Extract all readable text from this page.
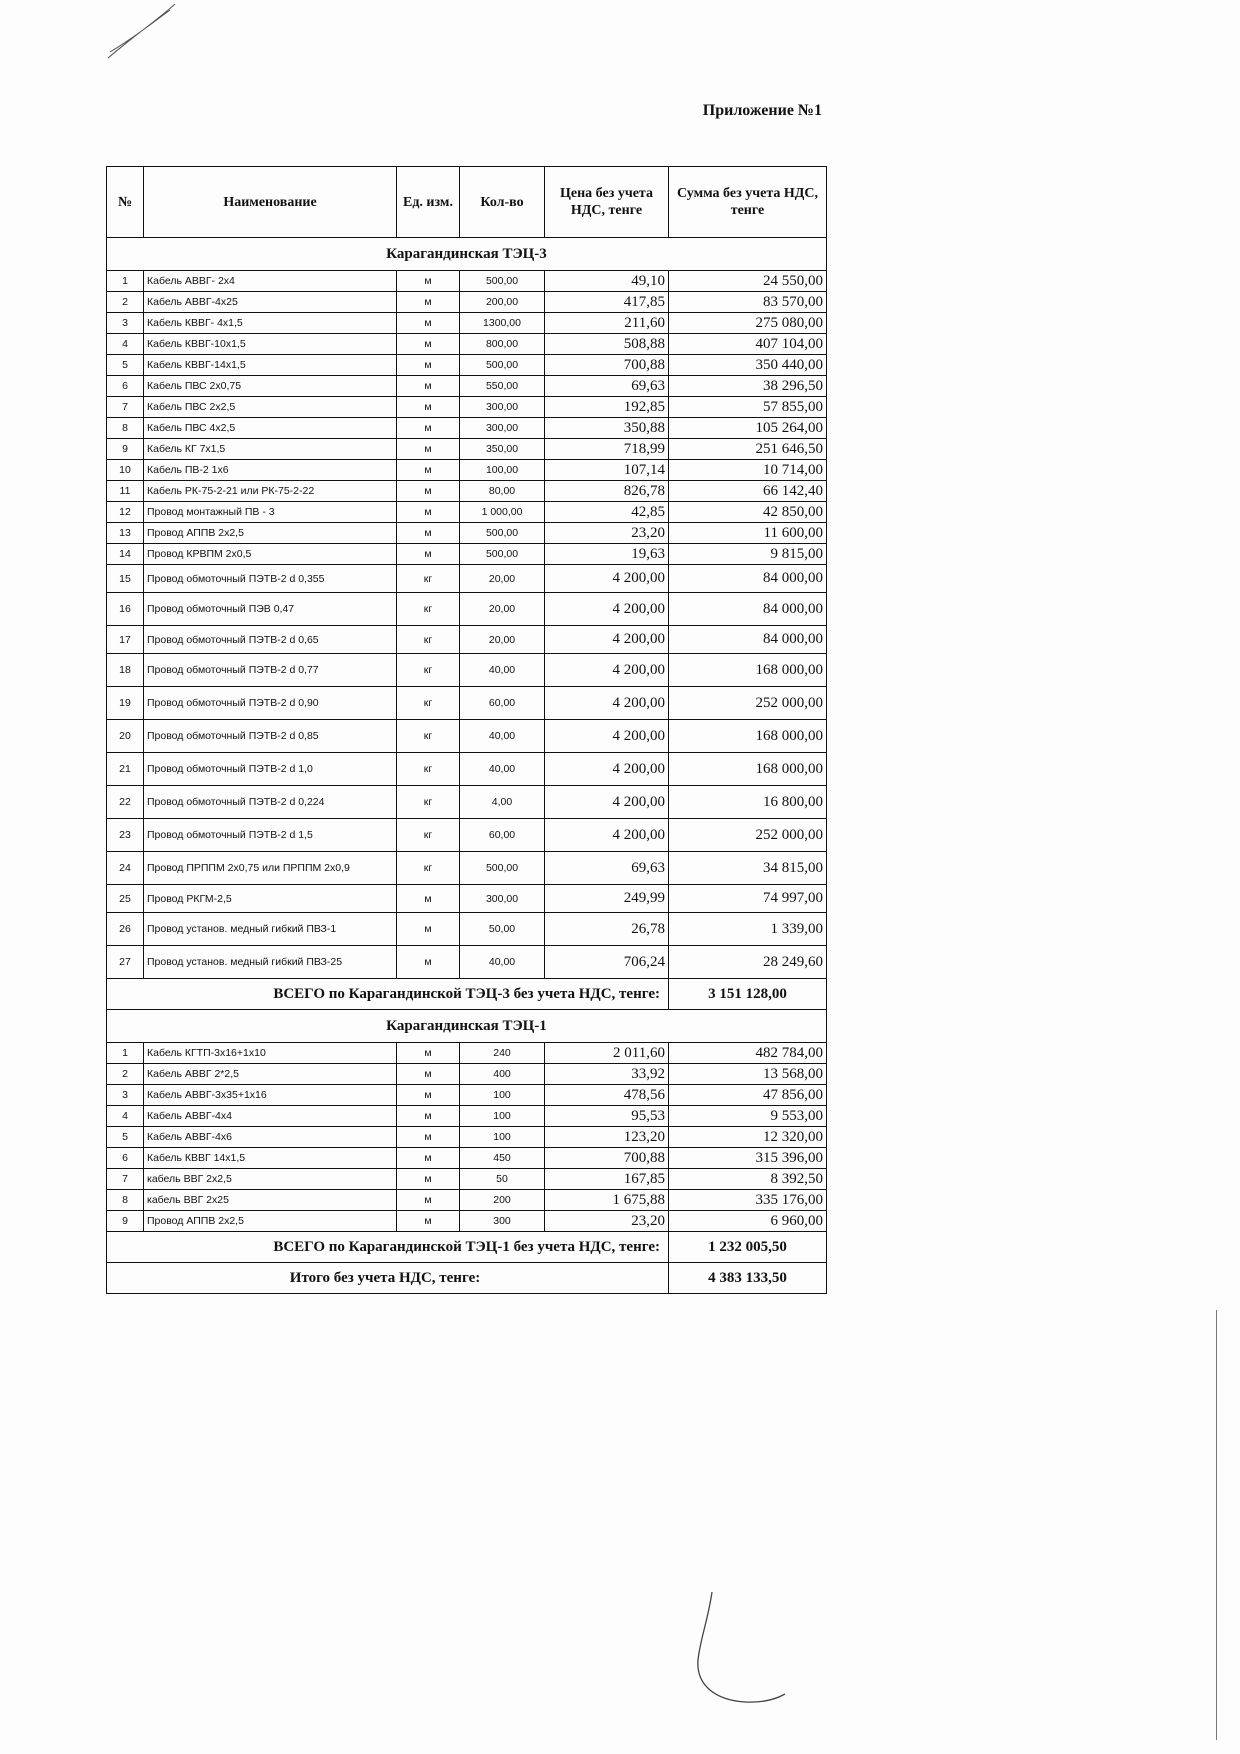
Приложение №1
№	Наименование	Ед. изм.	Кол-во	Цена без учета НДС, тенге	Сумма без учета НДС, тенге
Карагандинская ТЭЦ-3					
1	Кабель АВВГ- 2х4	м	500,00	49,10	24 550,00
2	Кабель АВВГ-4х25	м	200,00	417,85	83 570,00
3	Кабель КВВГ- 4х1,5	м	1300,00	211,60	275 080,00
4	Кабель КВВГ-10х1,5	м	800,00	508,88	407 104,00
5	Кабель КВВГ-14х1,5	м	500,00	700,88	350 440,00
6	Кабель ПВС 2х0,75	м	550,00	69,63	38 296,50
7	Кабель ПВС 2х2,5	м	300,00	192,85	57 855,00
8	Кабель ПВС 4х2,5	м	300,00	350,88	105 264,00
9	Кабель КГ 7х1,5	м	350,00	718,99	251 646,50
10	Кабель ПВ-2 1х6	м	100,00	107,14	10 714,00
11	Кабель РК-75-2-21 или РК-75-2-22	м	80,00	826,78	66 142,40
12	Провод монтажный ПВ - 3	м	1 000,00	42,85	42 850,00
13	Провод АППВ 2х2,5	м	500,00	23,20	11 600,00
14	Провод КРВПМ 2х0,5	м	500,00	19,63	9 815,00
15	Провод обмоточный ПЭТВ-2 d 0,355	кг	20,00	4 200,00	84 000,00
16	Провод обмоточный ПЭВ 0,47	кг	20,00	4 200,00	84 000,00
17	Провод обмоточный ПЭТВ-2 d 0,65	кг	20,00	4 200,00	84 000,00
18	Провод обмоточный ПЭТВ-2 d 0,77	кг	40,00	4 200,00	168 000,00
19	Провод обмоточный ПЭТВ-2 d 0,90	кг	60,00	4 200,00	252 000,00
20	Провод обмоточный ПЭТВ-2 d 0,85	кг	40,00	4 200,00	168 000,00
21	Провод обмоточный ПЭТВ-2 d 1,0	кг	40,00	4 200,00	168 000,00
22	Провод обмоточный ПЭТВ-2 d 0,224	кг	4,00	4 200,00	16 800,00
23	Провод обмоточный ПЭТВ-2 d 1,5	кг	60,00	4 200,00	252 000,00
24	Провод ПРППМ 2х0,75 или ПРППМ 2х0,9	кг	500,00	69,63	34 815,00
25	Провод РКГМ-2,5	м	300,00	249,99	74 997,00
26	Провод установ. медный гибкий ПВЗ-1	м	50,00	26,78	1 339,00
27	Провод установ. медный гибкий ПВЗ-25	м	40,00	706,24	28 249,60
ВСЕГО по Карагандинской ТЭЦ-3 без учета НДС, тенге:					3 151 128,00
Карагандинская ТЭЦ-1					
1	Кабель КГТП-3х16+1х10	м	240	2 011,60	482 784,00
2	Кабель АВВГ 2*2,5	м	400	33,92	13 568,00
3	Кабель АВВГ-3х35+1х16	м	100	478,56	47 856,00
4	Кабель АВВГ-4х4	м	100	95,53	9 553,00
5	Кабель АВВГ-4х6	м	100	123,20	12 320,00
6	Кабель КВВГ 14х1,5	м	450	700,88	315 396,00
7	кабель ВВГ 2х2,5	м	50	167,85	8 392,50
8	кабель ВВГ 2х25	м	200	1 675,88	335 176,00
9	Провод АППВ 2х2,5	м	300	23,20	6 960,00
ВСЕГО по Карагандинской ТЭЦ-1 без учета НДС, тенге:					1 232 005,50
Итого без учета НДС, тенге:					4 383 133,50
